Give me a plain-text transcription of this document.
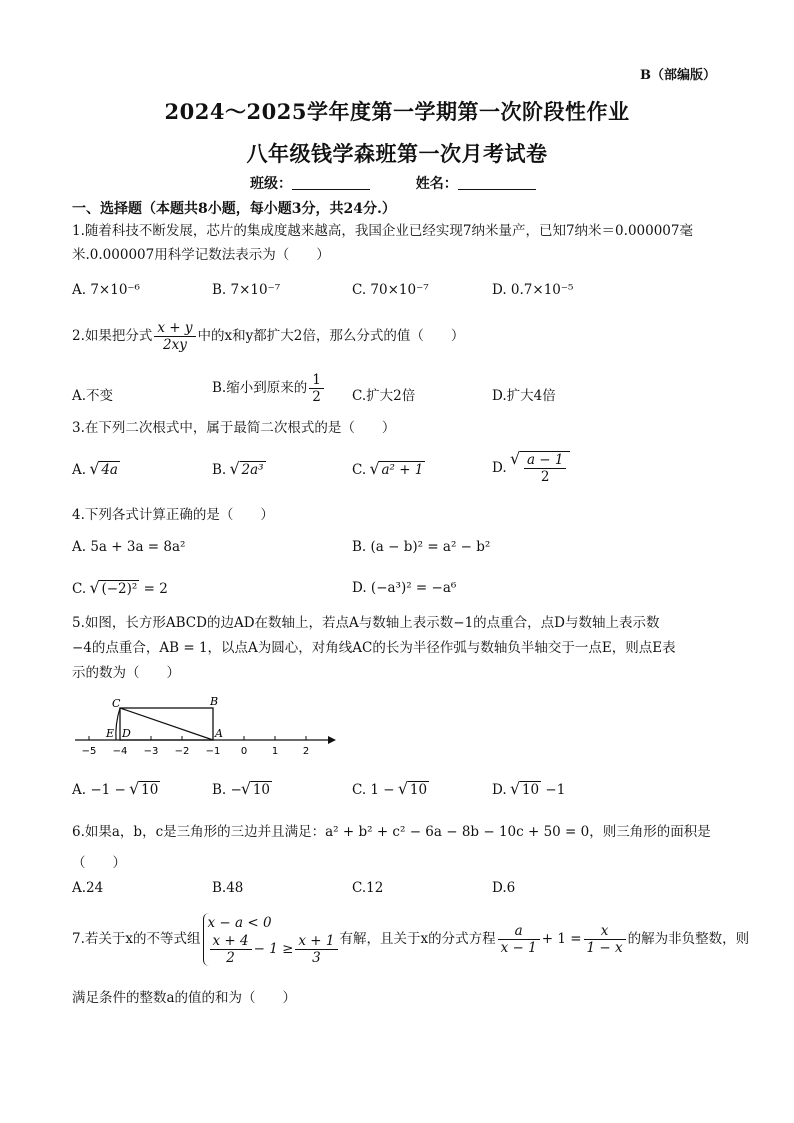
B（部编版）
2024～2025学年度第一学期第一次阶段性作业
八年级钱学森班第一次月考试卷
班级：	姓名：
一、选择题（本题共8小题，每小题3分，共24分.）
1.随着科技不断发展，芯片的集成度越来越高，我国企业已经实现7纳米量产，已知7纳米＝0.000007毫
米.0.000007用科学记数法表示为（　　）
A. 7×10⁻⁶	B. 7×10⁻⁷	C. 70×10⁻⁷	D. 0.7×10⁻⁵
2.如果把分式 $\frac{x + y}{2xy}$ 中的x和y都扩大2倍，那么分式的值（　　）
A.不变	B.缩小到原来的 $\frac{1}{2} C$.扩大2倍	D.扩大4倍
3.在下列二次根式中，属于最简二次根式的是（　　）
A. √ 4a	B. √ 2a³	C. √ a² + 1	D. √ $\frac{a - 1}{2}$
4.下列各式计算正确的是（　　）
A. 5a + 3a = 8a²	B. (a − b)² = a² − b²
C. √ (−2)² = 2	D. (−a³)² = −a⁶
5.如图，长方形ABCD的边AD在数轴上，若点A与数轴上表示数−1的点重合，点D与数轴上表示数
−4的点重合，AB = 1，以点A为圆心，对角线AC的长为半径作弧与数轴负半轴交于一点E，则点E表
示的数为（　　）
C	B
E D	A
−5 −4 −3 −2 −1 0 1 2
A. −1 − √ 10	B. − √ 10	C. 1 − √ 10	D. √ 10 −1
6.如果a，b，c是三角形的三边并且满足：a² + b² + c² − 6a − 8b − 10c + 50 = 0，则三角形的面积是
（　　）
A.24	B.48	C.12	D.6
7.若关于x的不等式组
x − a < 0
$\frac{x + 4}{2} - 1 \ge \frac{x + 1}{3}$ 有解，且关于x的分式方程 $\frac{a}{x - 1} + 1 = \frac{x}{1 - x}$ 的解为非负整数，则
满足条件的整数a的值的和为（　　）
